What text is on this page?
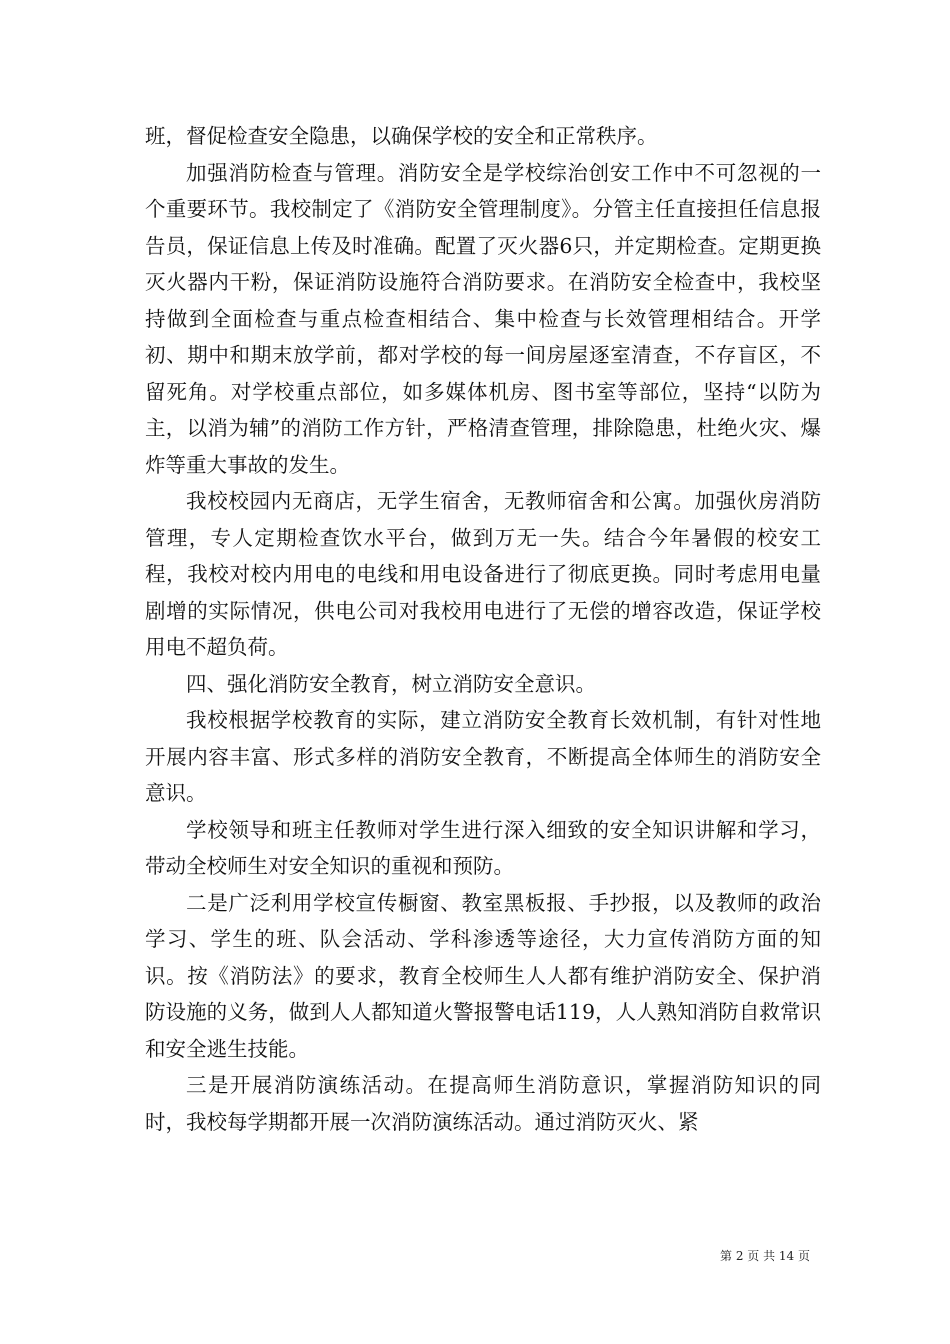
班，督促检查安全隐患，以确保学校的安全和正常秩序。

加强消防检查与管理。消防安全是学校综治创安工作中不可忽视的一个重要环节。我校制定了《消防安全管理制度》。分管主任直接担任信息报告员，保证信息上传及时准确。配置了灭火器6只，并定期检查。定期更换灭火器内干粉，保证消防设施符合消防要求。在消防安全检查中，我校坚持做到全面检查与重点检查相结合、集中检查与长效管理相结合。开学初、期中和期末放学前，都对学校的每一间房屋逐室清查，不存盲区，不留死角。对学校重点部位，如多媒体机房、图书室等部位，坚持“以防为主，以消为辅”的消防工作方针，严格清查管理，排除隐患，杜绝火灾、爆炸等重大事故的发生。

我校校园内无商店，无学生宿舍，无教师宿舍和公寓。加强伙房消防管理，专人定期检查饮水平台，做到万无一失。结合今年暑假的校安工程，我校对校内用电的电线和用电设备进行了彻底更换。同时考虑用电量剧增的实际情况，供电公司对我校用电进行了无偿的增容改造，保证学校用电不超负荷。

四、强化消防安全教育，树立消防安全意识。

我校根据学校教育的实际，建立消防安全教育长效机制，有针对性地开展内容丰富、形式多样的消防安全教育，不断提高全体师生的消防安全意识。

学校领导和班主任教师对学生进行深入细致的安全知识讲解和学习，带动全校师生对安全知识的重视和预防。

二是广泛利用学校宣传橱窗、教室黑板报、手抄报，以及教师的政治学习、学生的班、队会活动、学科渗透等途径，大力宣传消防方面的知识。按《消防法》的要求，教育全校师生人人都有维护消防安全、保护消防设施的义务，做到人人都知道火警报警电话119，人人熟知消防自救常识和安全逃生技能。

三是开展消防演练活动。在提高师生消防意识，掌握消防知识的同时，我校每学期都开展一次消防演练活动。通过消防灭火、紧

第 2 页 共 14 页
